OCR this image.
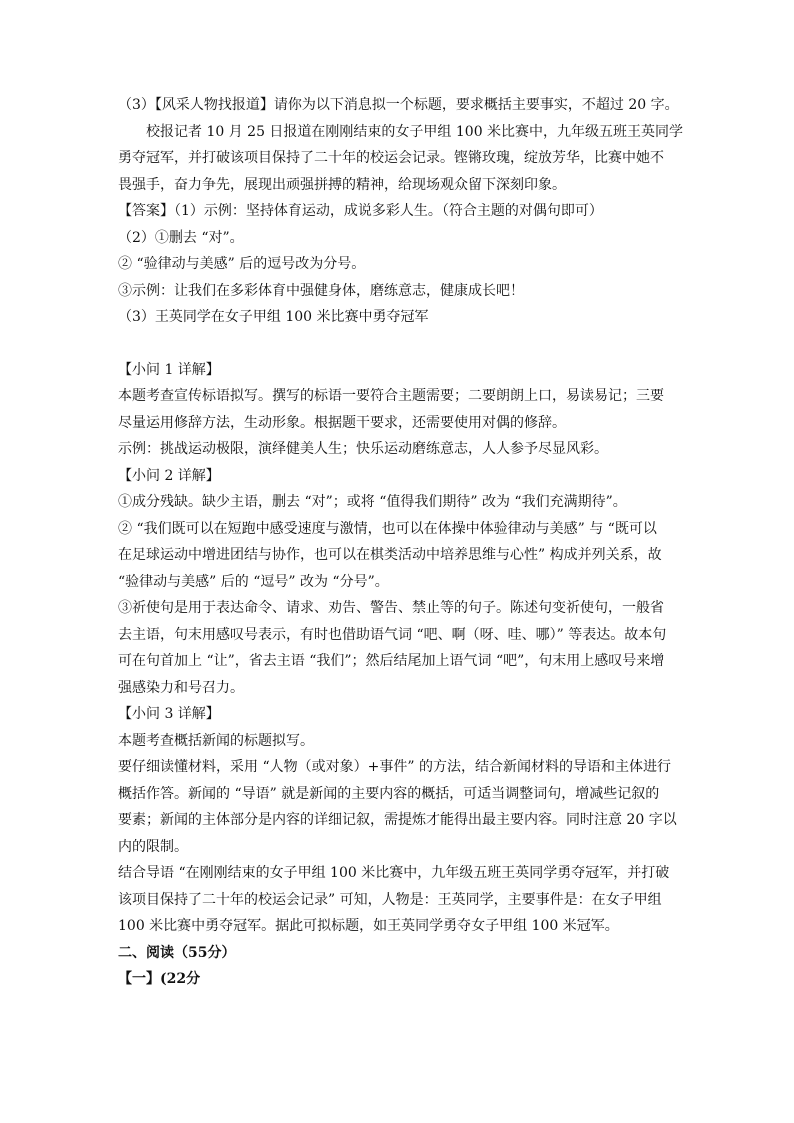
（3）【风采人物找报道】请你为以下消息拟一个标题，要求概括主要事实，不超过 20 字。
校报记者 10 月 25 日报道在刚刚结束的女子甲组 100 米比赛中，九年级五班王英同学
勇夺冠军，并打破该项目保持了二十年的校运会记录。铿锵玫瑰，绽放芳华，比赛中她不
畏强手，奋力争先，展现出顽强拼搏的精神，给现场观众留下深刻印象。
【答案】（1）示例：坚持体育运动，成说多彩人生。（符合主题的对偶句即可）
（2）①删去 “对”。
② “验律动与美感” 后的逗号改为分号。
③示例：让我们在多彩体育中强健身体，磨练意志，健康成长吧！
（3）王英同学在女子甲组 100 米比赛中勇夺冠军
【小问 1 详解】
本题考查宣传标语拟写。撰写的标语一要符合主题需要；二要朗朗上口，易读易记；三要
尽量运用修辞方法，生动形象。根据题干要求，还需要使用对偶的修辞。
示例：挑战运动极限，演绎健美人生；快乐运动磨练意志，人人参予尽显风彩。
【小问 2 详解】
①成分残缺。缺少主语，删去 “对”；或将 “值得我们期待” 改为 “我们充满期待”。
② “我们既可以在短跑中感受速度与激情，也可以在体操中体验律动与美感” 与 “既可以
在足球运动中增进团结与协作，也可以在棋类活动中培养思维与心性” 构成并列关系，故
“验律动与美感” 后的 “逗号” 改为 “分号”。
③祈使句是用于表达命令、请求、劝告、警告、禁止等的句子。陈述句变祈使句，一般省
去主语，句末用感叹号表示，有时也借助语气词 “吧、啊（呀、哇、哪）” 等表达。故本句
可在句首加上 “让”，省去主语 “我们”；然后结尾加上语气词 “吧”，句末用上感叹号来增
强感染力和号召力。
【小问 3 详解】
本题考查概括新闻的标题拟写。
要仔细读懂材料，采用 “人物（或对象）+事件” 的方法，结合新闻材料的导语和主体进行
概括作答。新闻的 “导语” 就是新闻的主要内容的概括，可适当调整词句，增减些记叙的
要素；新闻的主体部分是内容的详细记叙，需提炼才能得出最主要内容。同时注意 20 字以
内的限制。
结合导语 “在刚刚结束的女子甲组 100 米比赛中，九年级五班王英同学勇夺冠军，并打破
该项目保持了二十年的校运会记录” 可知，人物是：王英同学，主要事件是：在女子甲组
100 米比赛中勇夺冠军。据此可拟标题，如王英同学勇夺女子甲组 100 米冠军。
二、阅读（55分）
【一】(22分
